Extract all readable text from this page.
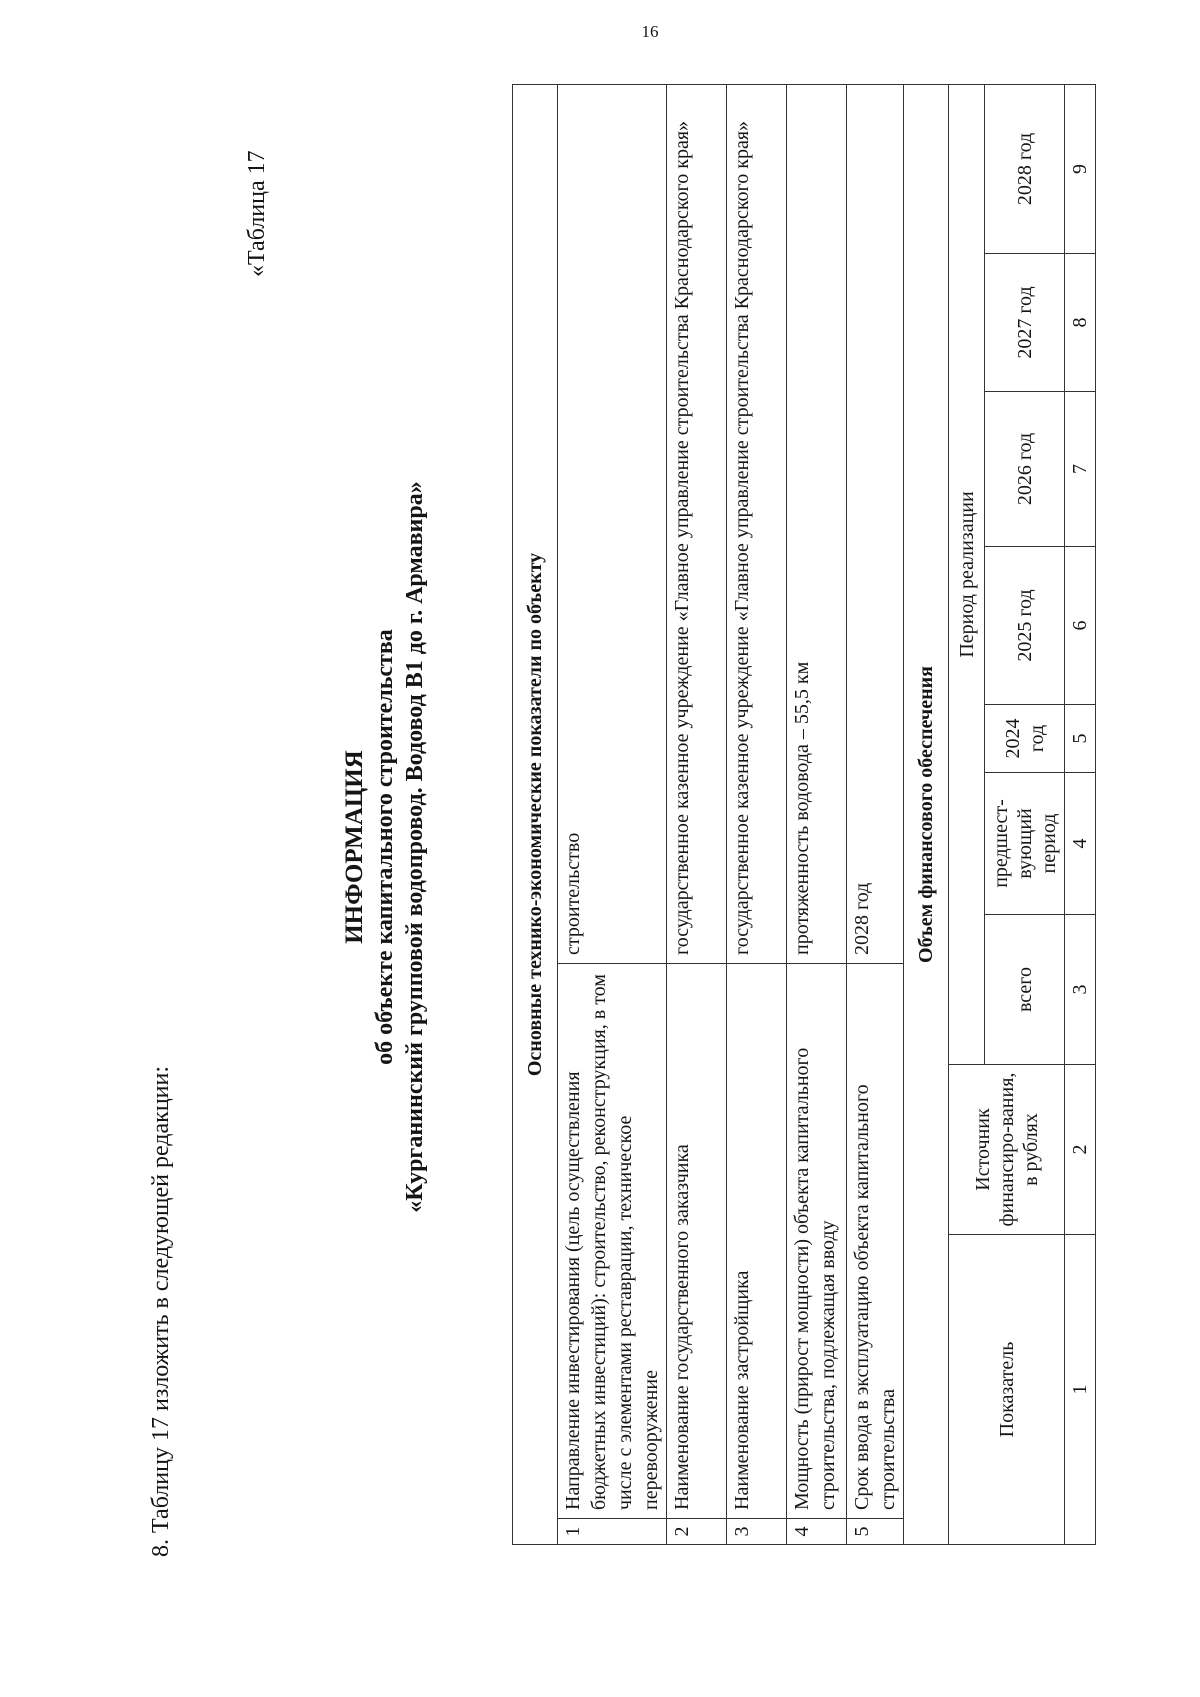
16
8. Таблицу 17 изложить в следующей редакции:
«Таблица 17
ИНФОРМАЦИЯ об объекте капитального строительства «Курганинский групповой водопровод. Водовод В1 до г. Армавира»	Основные технико-экономические показатели по объекту		
1	Направление инвестирования (цель осуществления бюджетных инвестиций): строительство, реконструкция, в том числе с элементами реставрации, техническое перевооружение	строительство
2	Наименование государственного заказчика	государственное казенное учреждение «Главное управление строительства Краснодарского края»
3	Наименование застройщика	государственное казенное учреждение «Главное управление строительства Краснодарского края»
4	Мощность (прирост мощности) объекта капитального строительства, подлежащая вводу	протяженность водовода – 55,5 км
5	Срок ввода в эксплуатацию объекта капитального строительства	2028 год
Объем финансового обеспечения		
Показатель	Источник финансиро-вания, в рублях	Период реализации						
		всего	предшест-вующий период	2024 год	2025 год	2026 год	2027 год	2028 год
1	2	3	4	5	6	7	8	9
